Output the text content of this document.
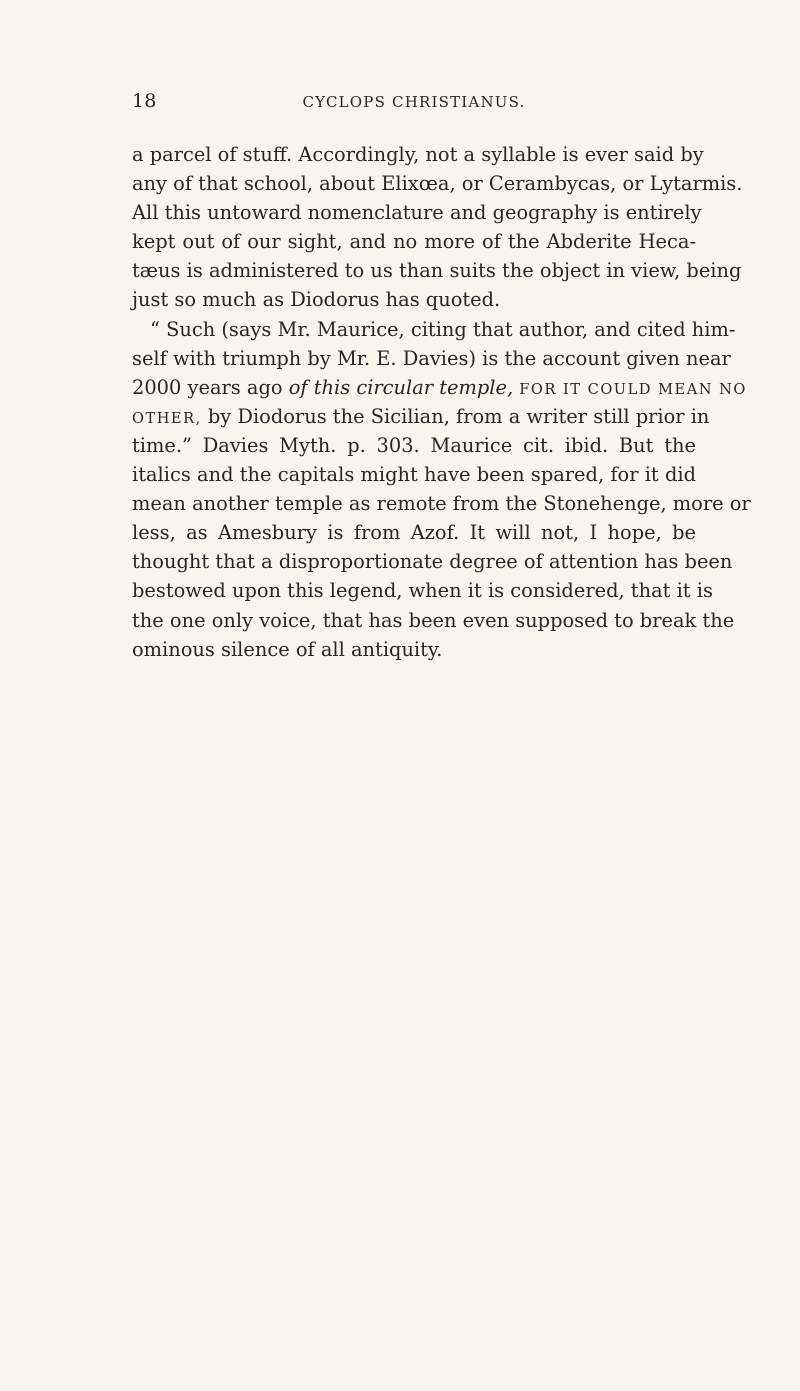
18	CYCLOPS CHRISTIANUS.
a parcel of stuff. Accordingly, not a syllable is ever said by
any of that school, about Elixœa, or Cerambycas, or Lytarmis.
All this untoward nomenclature and geography is entirely
kept out of our sight, and no more of the Abderite Heca-
tæus is administered to us than suits the object in view, being
just so much as Diodorus has quoted.
“ Such (says Mr. Maurice, citing that author, and cited him-
self with triumph by Mr. E. Davies) is the account given near
2000 years ago of this circular temple, FOR IT COULD MEAN NO
OTHER, by Diodorus the Sicilian, from a writer still prior in
time.” Davies Myth. p. 303. Maurice cit. ibid. But the
italics and the capitals might have been spared, for it did
mean another temple as remote from the Stonehenge, more or
less, as Amesbury is from Azof. It will not, I hope, be
thought that a disproportionate degree of attention has been
bestowed upon this legend, when it is considered, that it is
the one only voice, that has been even supposed to break the
ominous silence of all antiquity.
